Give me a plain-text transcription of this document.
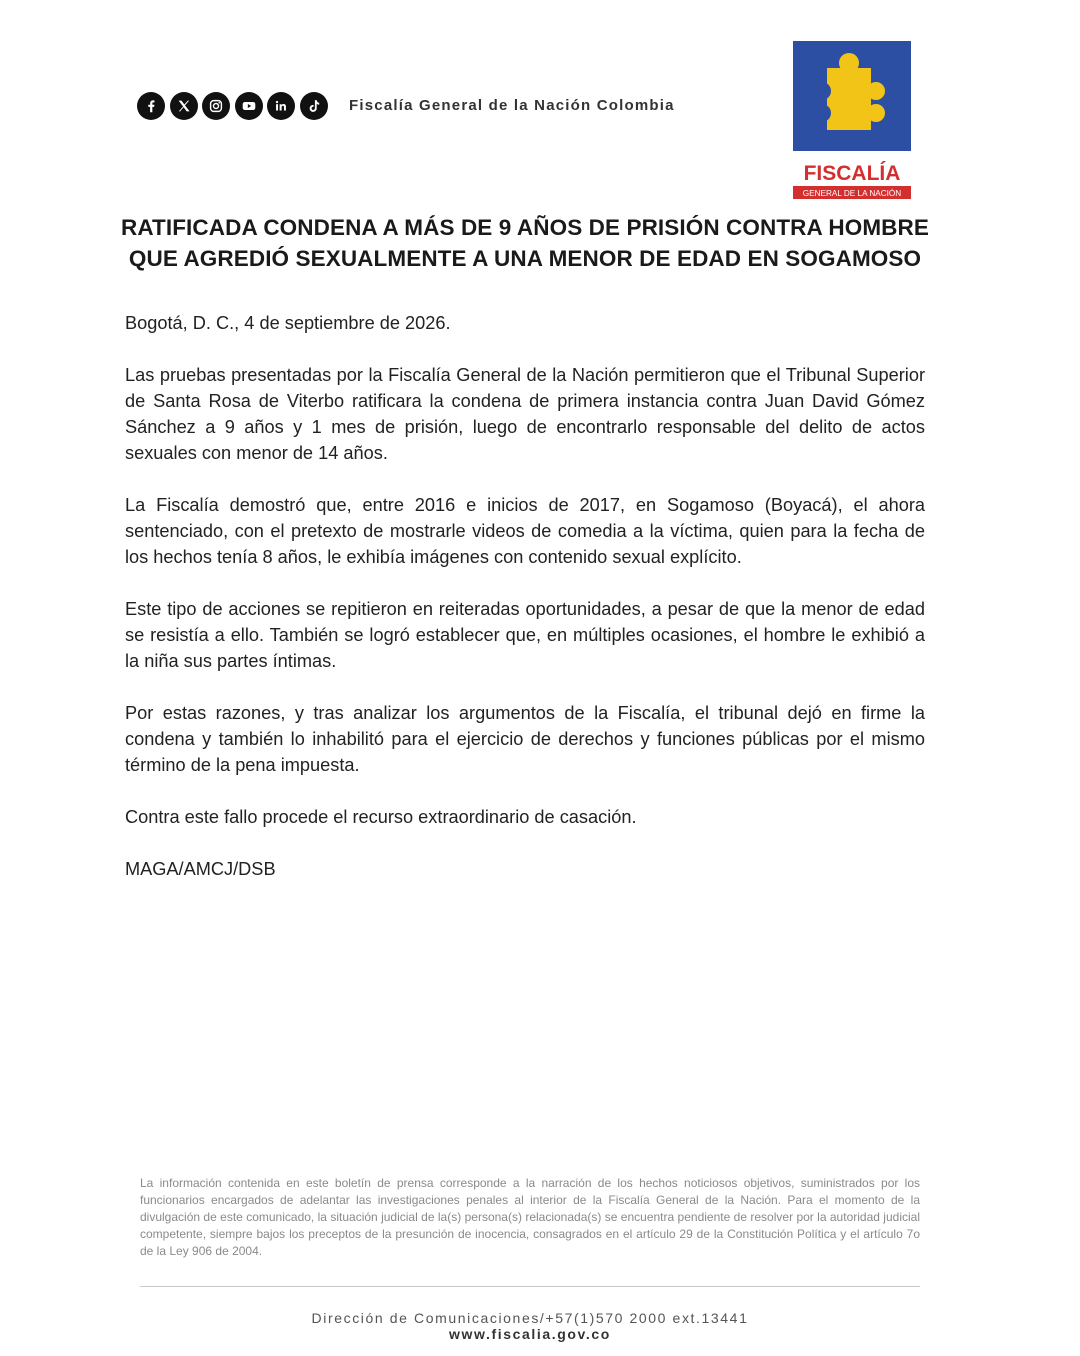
Fiscalía General de la Nación Colombia
FISCALÍA
GENERAL DE LA NACIÓN
RATIFICADA CONDENA A MÁS DE 9 AÑOS DE PRISIÓN CONTRA HOMBRE
QUE AGREDIÓ SEXUALMENTE A UNA MENOR DE EDAD EN SOGAMOSO

Bogotá, D. C., 4 de septiembre de 2026.

Las pruebas presentadas por la Fiscalía General de la Nación permitieron que el Tribunal Superior de Santa Rosa de Viterbo ratificara la condena de primera instancia contra Juan David Gómez Sánchez a 9 años y 1 mes de prisión, luego de encontrarlo responsable del delito de actos sexuales con menor de 14 años.

La Fiscalía demostró que, entre 2016 e inicios de 2017, en Sogamoso (Boyacá), el ahora sentenciado, con el pretexto de mostrarle videos de comedia a la víctima, quien para la fecha de los hechos tenía 8 años, le exhibía imágenes con contenido sexual explícito.

Este tipo de acciones se repitieron en reiteradas oportunidades, a pesar de que la menor de edad se resistía a ello. También se logró establecer que, en múltiples ocasiones, el hombre le exhibió a la niña sus partes íntimas.

Por estas razones, y tras analizar los argumentos de la Fiscalía, el tribunal dejó en firme la condena y también lo inhabilitó para el ejercicio de derechos y funciones públicas por el mismo término de la pena impuesta.

Contra este fallo procede el recurso extraordinario de casación.

MAGA/AMCJ/DSB

La información contenida en este boletín de prensa corresponde a la narración de los hechos noticiosos objetivos, suministrados por los funcionarios encargados de adelantar las investigaciones penales al interior de la Fiscalía General de la Nación. Para el momento de la divulgación de este comunicado, la situación judicial de la(s) persona(s) relacionada(s) se encuentra pendiente de resolver por la autoridad judicial competente, siempre bajos los preceptos de la presunción de inocencia, consagrados en el artículo 29 de la Constitución Política y el artículo 7o de la Ley 906 de 2004.
Dirección de Comunicaciones/+57(1)570 2000 ext.13441
www.fiscalia.gov.co
